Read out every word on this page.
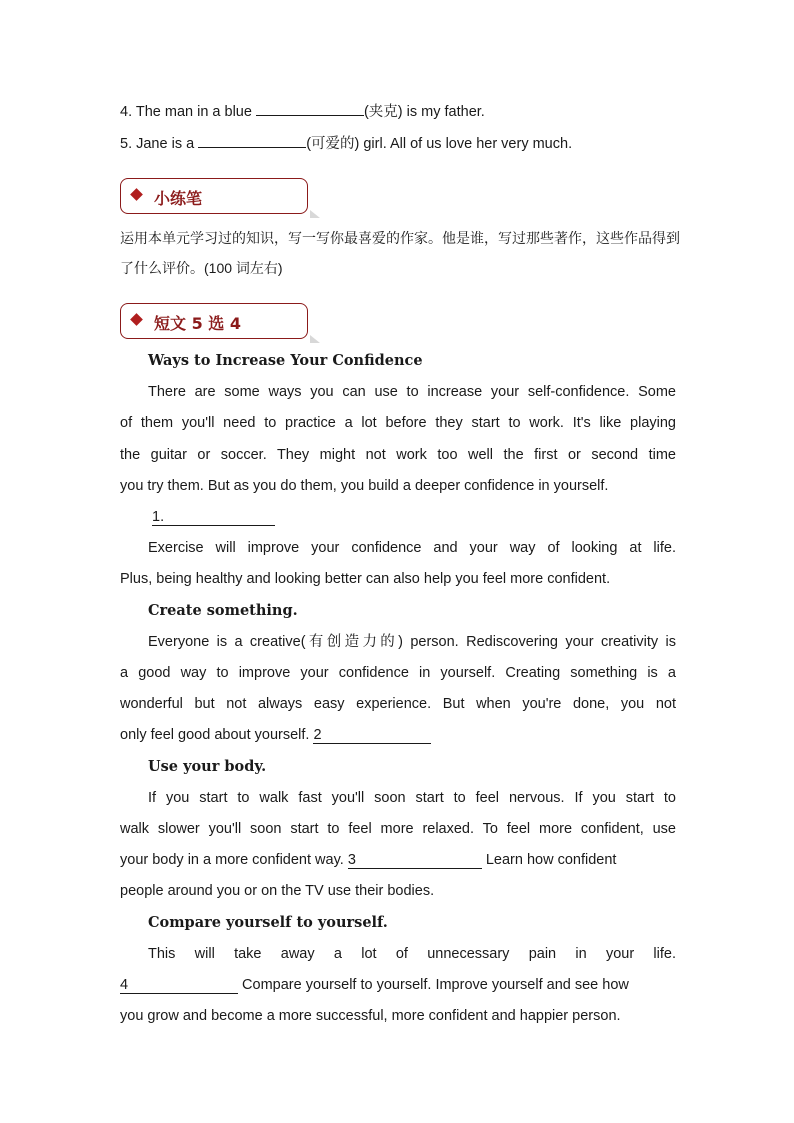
4. The man in a blue	(夹克) is my father.
5. Jane is a	(可爱的) girl. All of us love her very much.
小练笔
运用本单元学习过的知识，写一写你最喜爱的作家。他是谁，写过那些著作，这些作品得到
了什么评价。(100 词左右)
短文 5 选 4
Ways to Increase Your Confidence
There are some ways you can use to increase your self-confidence. Some
of them you'll need to practice a lot before they start to work. It's like playing
the guitar or soccer. They might not work too well the first or second time
you try them. But as you do them, you build a deeper confidence in yourself.
1.
Exercise will improve your confidence and your way of looking at life.
Plus, being healthy and looking better can also help you feel more confident.
Create something.
Everyone is a creative(有创造力的) person. Rediscovering your creativity is
a good way to improve your confidence in yourself. Creating something is a
wonderful but not always easy experience. But when you're done, you not
only feel good about yourself. 2
Use your body.
If you start to walk fast you'll soon start to feel nervous. If you start to
walk slower you'll soon start to feel more relaxed. To feel more confident, use
your body in a more confident way. 3	Learn how confident
people around you or on the TV use their bodies.
Compare yourself to yourself.
This will take away a lot of unnecessary pain in your life.
4	Compare yourself to yourself. Improve yourself and see how
you grow and become a more successful, more confident and happier person.
